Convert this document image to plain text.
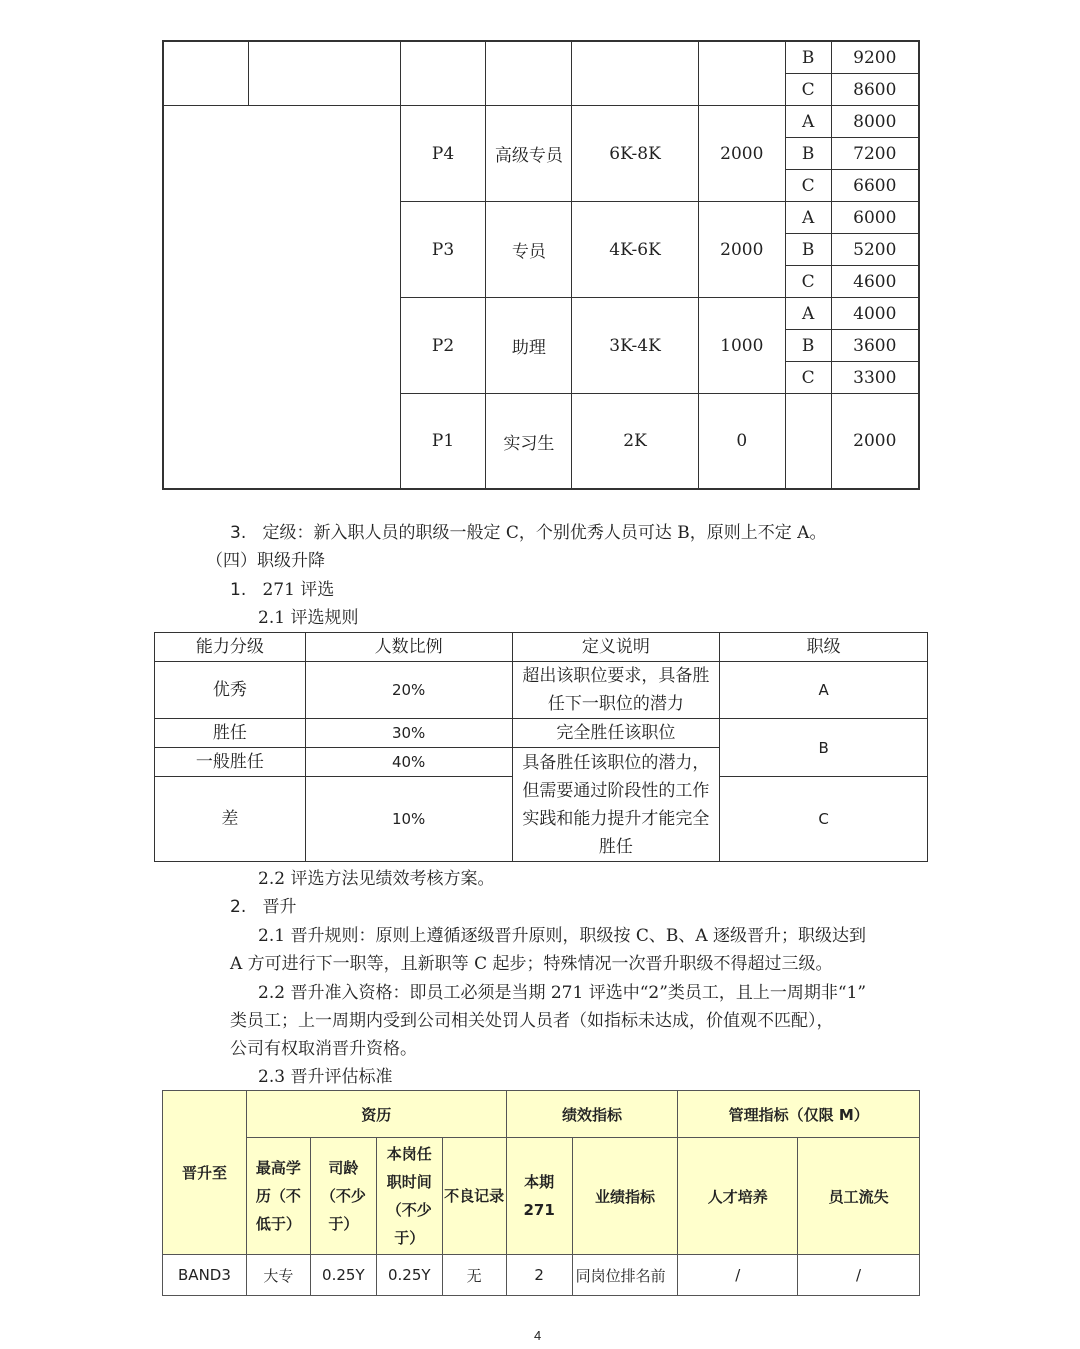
						B	9200
						C	8600
		P4	高级专员	6K-8K	2000	A	8000
						B	7200
						C	6600
		P3	专员	4K-6K	2000	A	6000
						B	5200
						C	4600
		P2	助理	3K-4K	1000	A	4000
						B	3600
						C	3300
		P1	实习生	2K	0		2000

3. 定级：新入职人员的职级一般定 C，个别优秀人员可达 B，原则上不定 A。
（四）职级升降
1. 271 评选
2.1 评选规则
能力分级	人数比例	定义说明	职级
优秀	20%	超出该职位要求，具备胜任下一职位的潜力	A
胜任	30%	完全胜任该职位	B
一般胜任	40%	具备胜任该职位的潜力，但需要通过阶段性的工作实践和能力提升才能完全胜任	
差	10%		C
2.2 评选方法见绩效考核方案。
2. 晋升
2.1 晋升规则：原则上遵循逐级晋升原则，职级按 C、B、A 逐级晋升；职级达到
A 方可进行下一职等，且新职等 C 起步；特殊情况一次晋升职级不得超过三级。
2.2 晋升准入资格：即员工必须是当期 271 评选中“2”类员工，且上一周期非“1”
类员工；上一周期内受到公司相关处罚人员者（如指标未达成，价值观不匹配），
公司有权取消晋升资格。
2.3 晋升评估标准
晋升至	资历				绩效指标		管理指标（仅限 M）	
	最高学历（不低于）	司龄（不少于）	本岗任职时间（不少于）	不良记录	本期271	业绩指标	人才培养	员工流失
BAND3	大专	0.25Y	0.25Y	无	2	同岗位排名前	/	/
4
